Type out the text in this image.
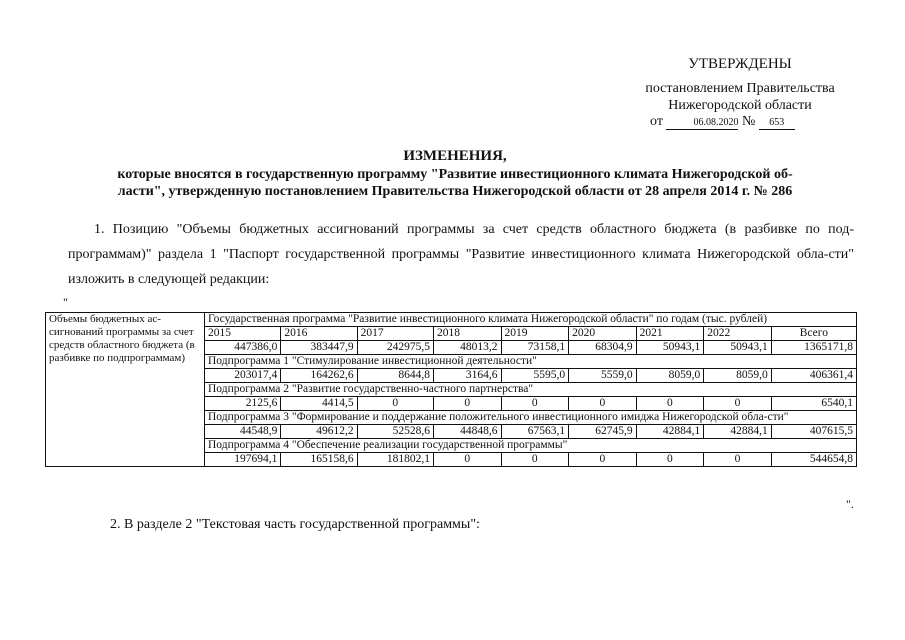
УТВЕРЖДЕНЫ
постановлением Правительства
Нижегородской области
от	06.08.2020 № 653
ИЗМЕНЕНИЯ,
которые вносятся в государственную программу "Развитие инвестиционного климата Нижегородской об-
ласти", утвержденную постановлением Правительства Нижегородской области от 28 апреля 2014 г. № 286
1. Позицию "Объемы бюджетных ассигнований программы за счет средств областного бюджета (в разбивке по под-программам)" раздела 1 "Паспорт государственной программы "Развитие инвестиционного климата Нижегородской обла-сти" изложить в следующей редакции:
"
Объемы бюджетных ас-сигнований программы за счет средств областного бюджета (в разбивке по подпрограммам)	Государственная программа "Развитие инвестиционного климата Нижегородской области" по годам (тыс. рублей)								
	2015	2016	2017	2018	2019	2020	2021	2022	Всего
	447386,0	383447,9	242975,5	48013,2	73158,1	68304,9	50943,1	50943,1	1365171,8
	Подпрограмма 1 "Стимулирование инвестиционной деятельности"								
	203017,4	164262,6	8644,8	3164,6	5595,0	5559,0	8059,0	8059,0	406361,4
	Подпрограмма 2 "Развитие государственно-частного партнерства"								
	2125,6	4414,5	0	0	0	0	0	0	6540,1
	Подпрограмма 3 "Формирование и поддержание положительного инвестиционного имиджа Нижегородской обла-сти"								
	44548,9	49612,2	52528,6	44848,6	67563,1	62745,9	42884,1	42884,1	407615,5
	Подпрограмма 4 "Обеспечение реализации государственной программы"								
	197694,1	165158,6	181802,1	0	0	0	0	0	544654,8
".
2. В разделе 2 "Текстовая часть государственной программы":
